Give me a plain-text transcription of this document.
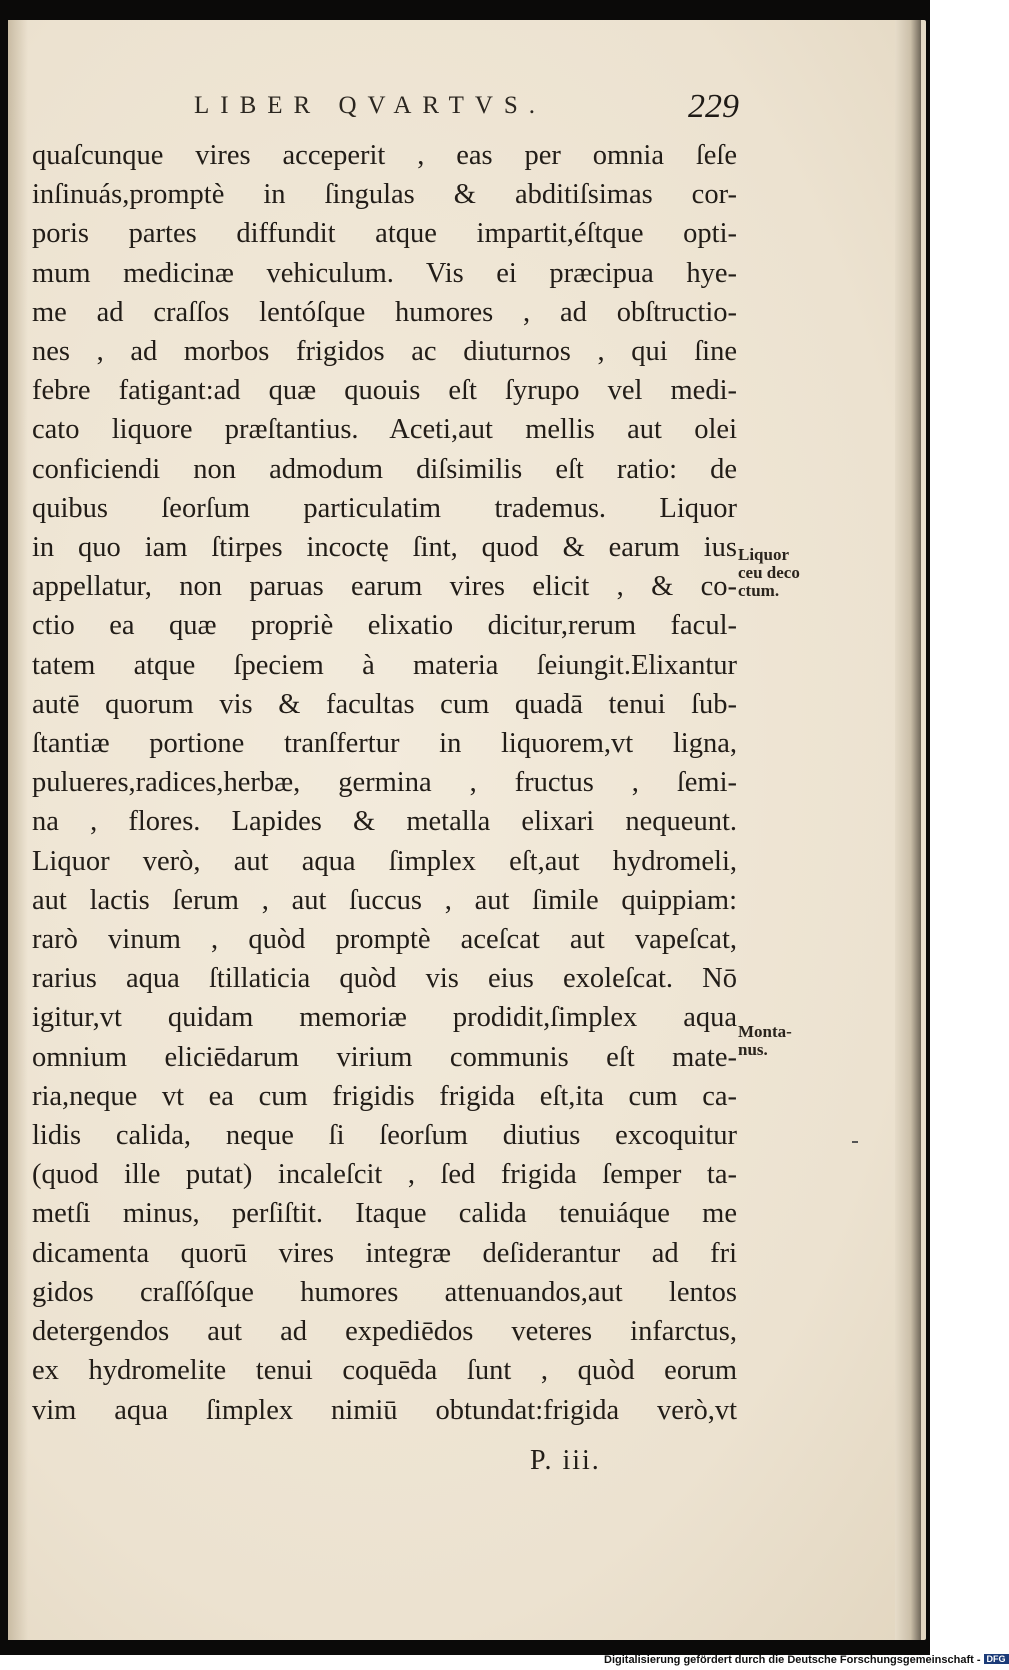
LIBER QVARTVS.	229
quaſcunque vires acceperit , eas per omnia ſeſe
inſinuás,promptè in ſingulas & abditiſsimas cor-
poris partes diffundit atque impartit,éſtque opti-
mum medicinæ vehiculum. Vis ei præcipua hye-
me ad craſſos lentóſque humores , ad obſtructio-
nes , ad morbos frigidos ac diuturnos , qui ſine
febre fatigant:ad quæ quouis eſt ſyrupo vel medi-
cato liquore præſtantius. Aceti,aut mellis aut olei
conficiendi non admodum diſsimilis eſt ratio: de
quibus ſeorſum particulatim trademus. Liquor
in quo iam ſtirpes incoctę ſint, quod & earum ius
appellatur, non paruas earum vires elicit , & co-
ctio ea quæ propriè elixatio dicitur,rerum facul-
tatem atque ſpeciem à materia ſeiungit.Elixantur
autē quorum vis & facultas cum quadā tenui ſub-
ſtantiæ portione tranſfertur in liquorem,vt ligna,
pulueres,radices,herbæ, germina , fructus , ſemi-
na , flores. Lapides & metalla elixari nequeunt.
Liquor verò, aut aqua ſimplex eſt,aut hydromeli,
aut lactis ſerum , aut ſuccus , aut ſimile quippiam:
rarò vinum , quòd promptè aceſcat aut vapeſcat,
rarius aqua ſtillaticia quòd vis eius exoleſcat. Nō
igitur,vt quidam memoriæ prodidit,ſimplex aqua
omnium eliciēdarum virium communis eſt mate-
ria,neque vt ea cum frigidis frigida eſt,ita cum ca-
lidis calida, neque ſi ſeorſum diutius excoquitur
(quod ille putat) incaleſcit , ſed frigida ſemper ta-
metſi minus, perſiſtit. Itaque calida tenuiáque me
dicamenta quorū vires integræ deſiderantur ad fri
gidos craſſóſque humores attenuandos,aut lentos
detergendos aut ad expediēdos veteres infarctus,
ex hydromelite tenui coquēda ſunt , quòd eorum
vim aqua ſimplex nimiū obtundat:frigida verò,vt
Liquor
ceu deco
ctum.
Monta-
nus.
P. iii.
Digitalisierung gefördert durch die Deutsche Forschungsgemeinschaft - DFG
